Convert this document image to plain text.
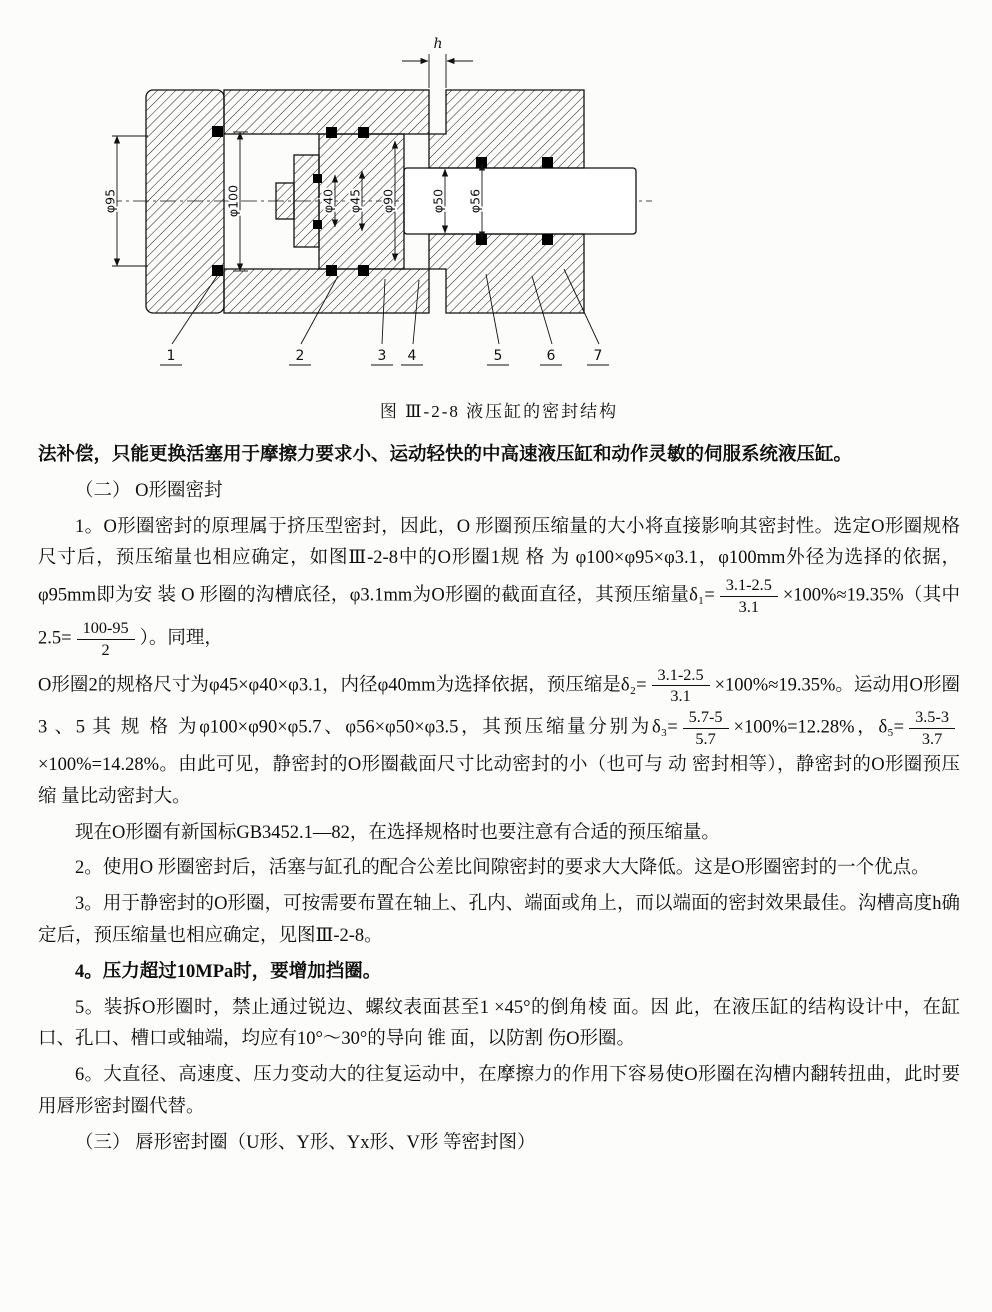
h
φ95	φ100	φ40 φ45 φ90	φ50 φ56
1	2	3 4	5	6	7
图 Ⅲ-2-8 液压缸的密封结构

法补偿，只能更换活塞用于摩擦力要求小、运动轻快的中高速液压缸和动作灵敏的伺服系统液压缸。

（二） O形圈密封

1。O形圈密封的原理属于挤压型密封，因此，O 形圈预压缩量的大小将直接影响其密封性。选定O形圈规格尺寸后，预压缩量也相应确定，如图Ⅲ-2-8中的O形圈1规 格 为 φ100×φ95×φ3.1，φ100mm外径为选择的依据，φ95mm即为安 装 O 形圈的沟槽底径，φ3.1mm为O形圈的截面直径，其预压缩量$\delta_1= \frac{3.1-2.5}{3.1} \times 100\%\approx 19.35\%$（其中$2.5= \frac{100-95}{2}$ ）。同理，

O形圈2的规格尺寸为φ45×φ40×φ3.1，内径φ40mm为选择依据，预压缩是$\delta_2= \frac{3.1-2.5}{3.1} \times 100\%\approx 19.35\%$。运动用O形圈3 、5 其 规 格 为φ100×φ90×φ5.7、φ56×φ50×φ3.5，其预压缩量分别为$\delta_3= \frac{5.7-5}{5.7} \times 100\%=12.28\%$，$\delta_5= \frac{3.5-3}{3.7}$
×100%=14.28%。由此可见，静密封的O形圈截面尺寸比动密封的小（也可与 动 密封相等），静密封的O形圈预压缩 量比动密封大。

现在O形圈有新国标GB3452.1—82，在选择规格时也要注意有合适的预压缩量。

2。使用O 形圈密封后，活塞与缸孔的配合公差比间隙密封的要求大大降低。这是O形圈密封的一个优点。

3。用于静密封的O形圈，可按需要布置在轴上、孔内、端面或角上，而以端面的密封效果最佳。沟槽高度h确定后，预压缩量也相应确定，见图Ⅲ-2-8。

4。压力超过10MPa时，要增加挡圈。

5。装拆O形圈时，禁止通过锐边、螺纹表面甚至1 ×45°的倒角棱 面。因 此，在液压缸的结构设计中，在缸口、孔口、槽口或轴端，均应有10°～30°的导向 锥 面，以防割 伤O形圈。

6。大直径、高速度、压力变动大的往复运动中，在摩擦力的作用下容易使O形圈在沟槽内翻转扭曲，此时要用唇形密封圈代替。

（三） 唇形密封圈（U形、Y形、Yx形、V形 等密封图）
